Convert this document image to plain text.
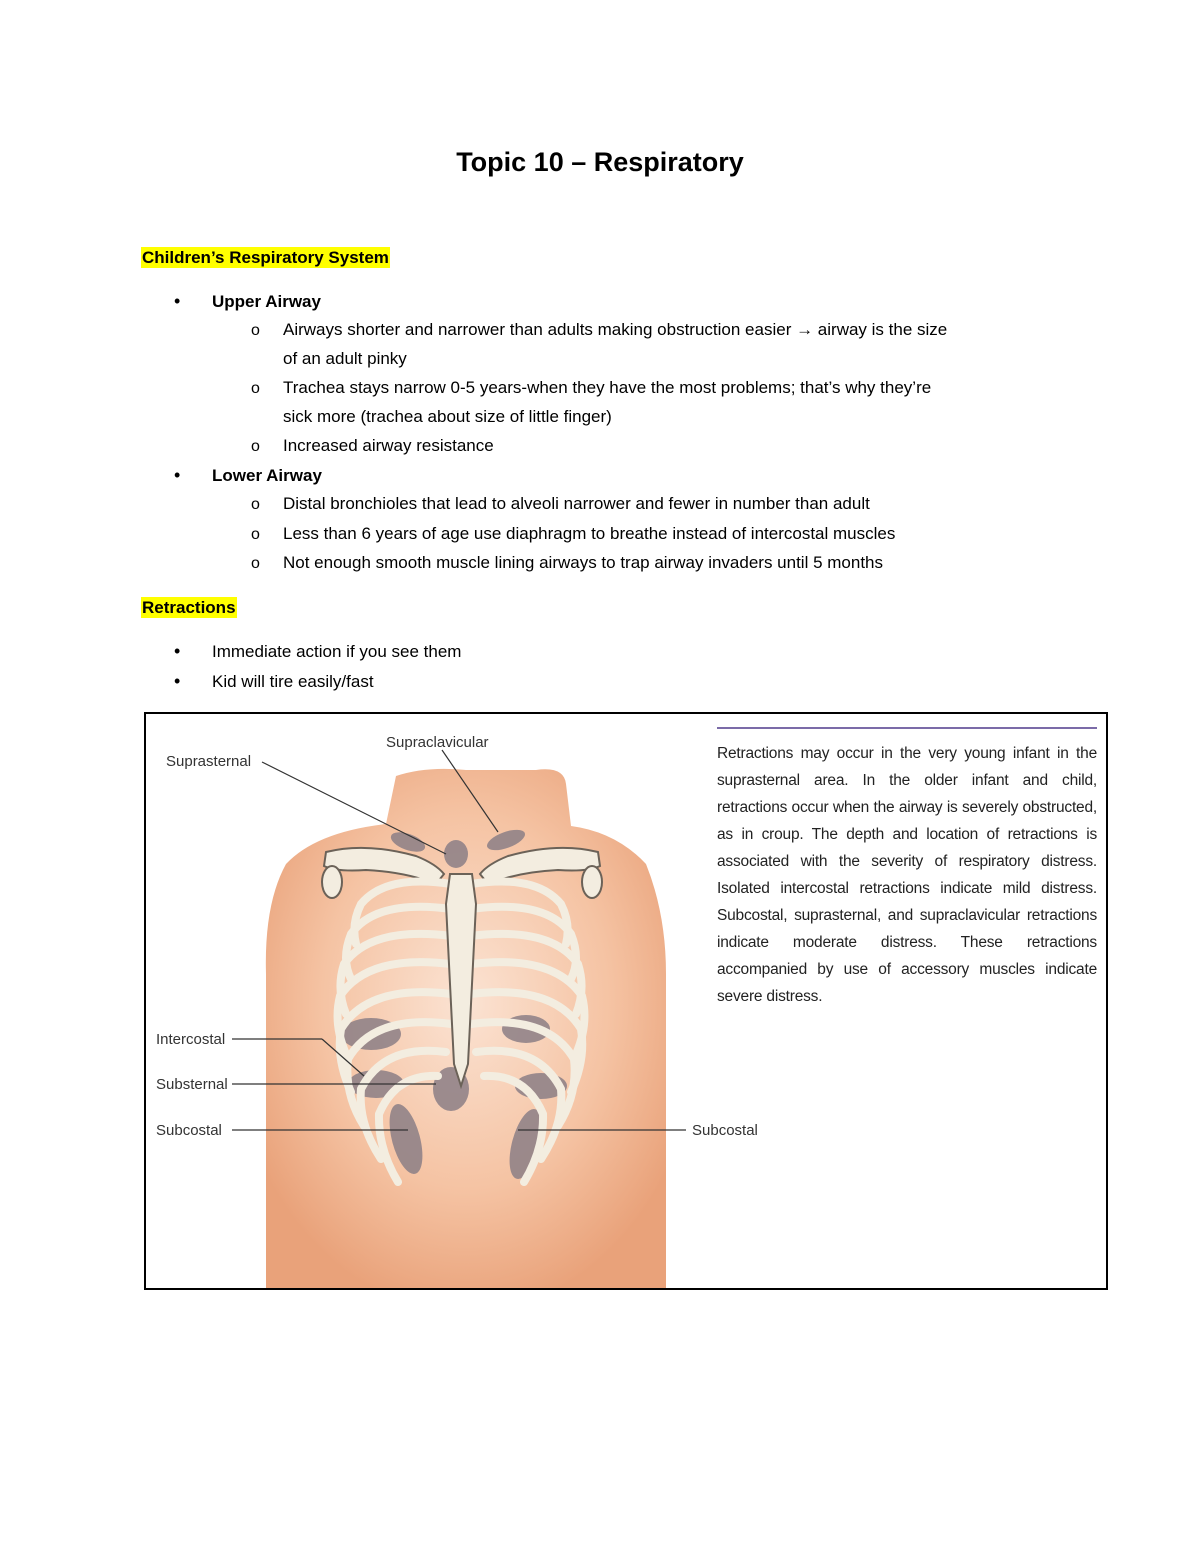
Topic 10 – Respiratory
Children’s Respiratory System
• Upper Airway
o Airways shorter and narrower than adults making obstruction easier → airway is the size
of an adult pinky
o Trachea stays narrow 0-5 years-when they have the most problems; that’s why they’re
sick more (trachea about size of little finger)
o Increased airway resistance
• Lower Airway
o Distal bronchioles that lead to alveoli narrower and fewer in number than adult
o Less than 6 years of age use diaphragm to breathe instead of intercostal muscles
o Not enough smooth muscle lining airways to trap airway invaders until 5 months
Retractions
• Immediate action if you see them
• Kid will tire easily/fast
Suprasternal
Supraclavicular
Intercostal
Substernal
Subcostal	Subcostal
Retractions may occur in the very young infant in the suprasternal area. In the older infant and child, retractions occur when the airway is severely obstructed, as in croup. The depth and location of retractions is associated with the severity of respiratory distress. Isolated intercostal retractions indicate mild distress. Subcostal, suprasternal, and supraclavicular retractions indicate moderate distress. These retractions accompanied by use of accessory muscles indicate severe distress.
